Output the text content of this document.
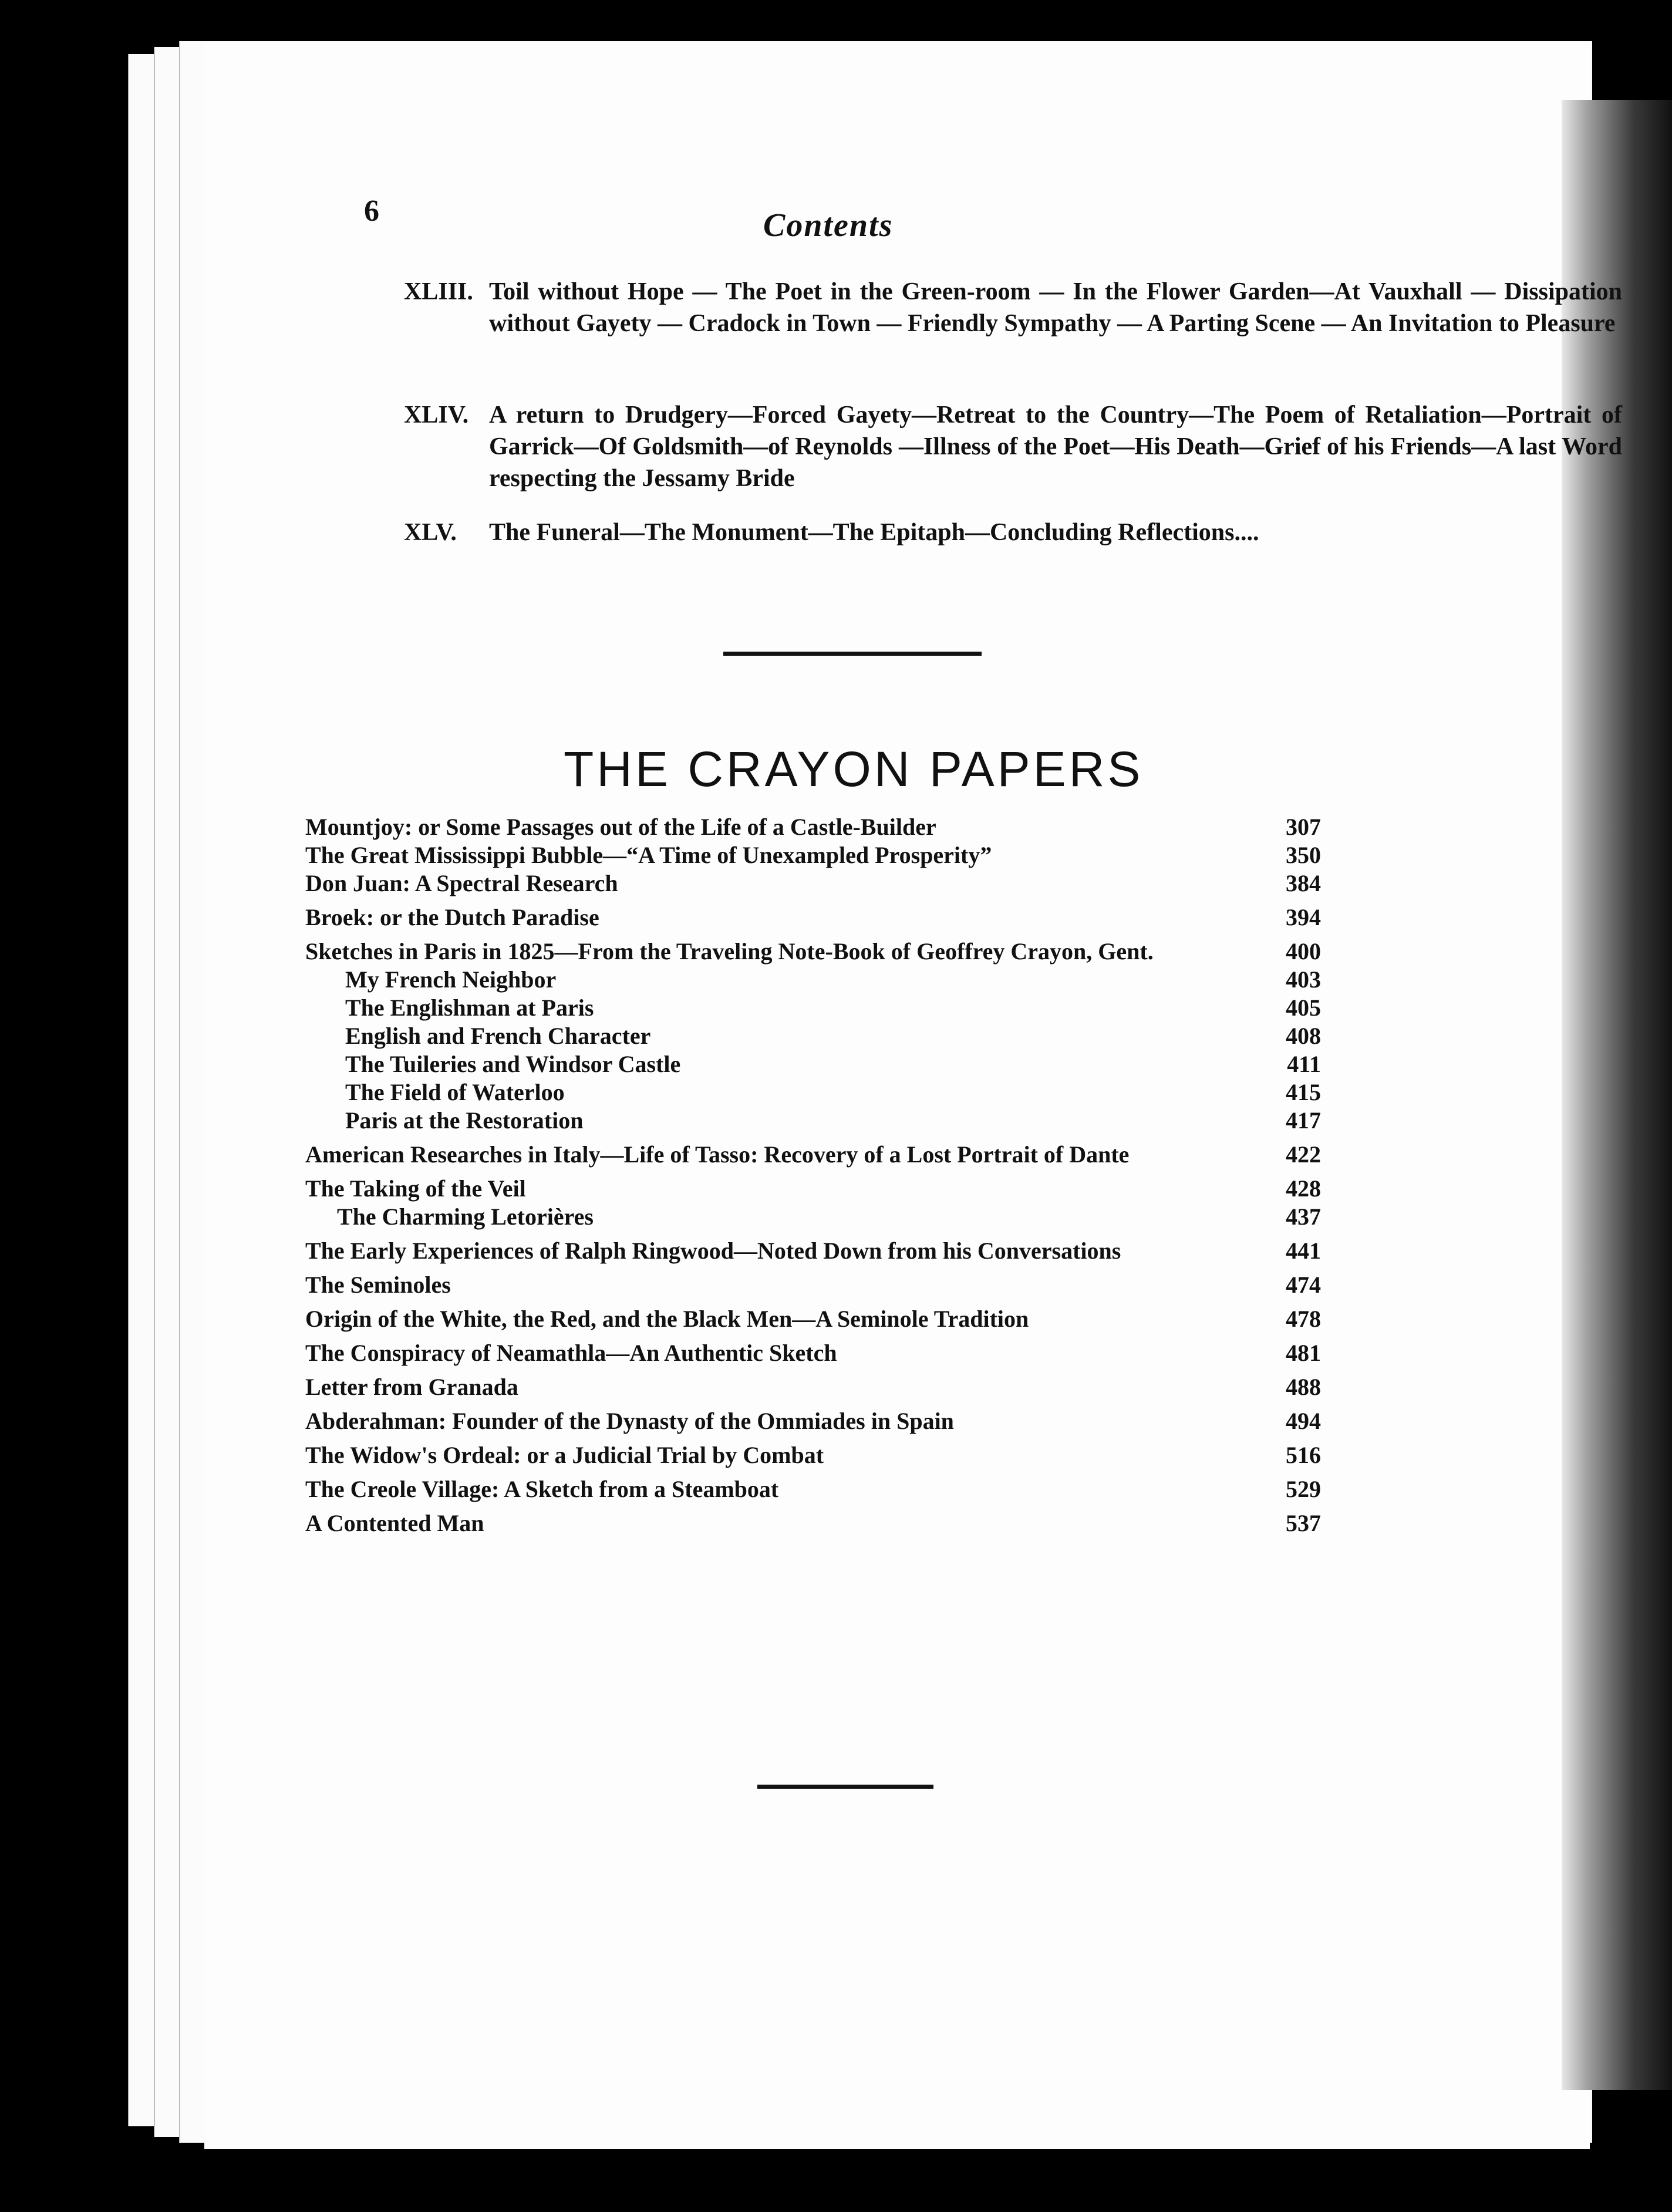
6	Contents
XLIII. Toil without Hope — The Poet in the Green-room — In the Flower Garden—At Vauxhall — Dissipation without Gayety — Cradock in Town — Friendly Sympathy — A Parting Scene — An Invitation to Pleasure
XLIV. A return to Drudgery—Forced Gayety—Retreat to the Country—The Poem of Retaliation—Portrait of Garrick—Of Goldsmith—of Reynolds —Illness of the Poet—His Death—Grief of his Friends—A last Word respecting the Jessamy Bride
XLV. The Funeral—The Monument—The Epitaph—Concluding Reflections....
THE CRAYON PAPERS

Mountjoy: or Some Passages out of the Life of a Castle-Builder	307

The Great Mississippi Bubble—“A Time of Unexampled Prosperity”	350

Don Juan: A Spectral Research	384

Broek: or the Dutch Paradise	394

Sketches in Paris in 1825—From the Traveling Note-Book of Geoffrey Crayon, Gent.	400

My French Neighbor	403

The Englishman at Paris	405

English and French Character	408

The Tuileries and Windsor Castle	411

The Field of Waterloo	415

Paris at the Restoration	417

American Researches in Italy—Life of Tasso: Recovery of a Lost Portrait of Dante	422

The Taking of the Veil	428

The Charming Letorières	437

The Early Experiences of Ralph Ringwood—Noted Down from his Conversations	441

The Seminoles	474

Origin of the White, the Red, and the Black Men—A Seminole Tradition	478

The Conspiracy of Neamathla—An Authentic Sketch	481

Letter from Granada	488

Abderahman: Founder of the Dynasty of the Ommiades in Spain	494

The Widow's Ordeal: or a Judicial Trial by Combat	516

The Creole Village: A Sketch from a Steamboat	529

A Contented Man	537
